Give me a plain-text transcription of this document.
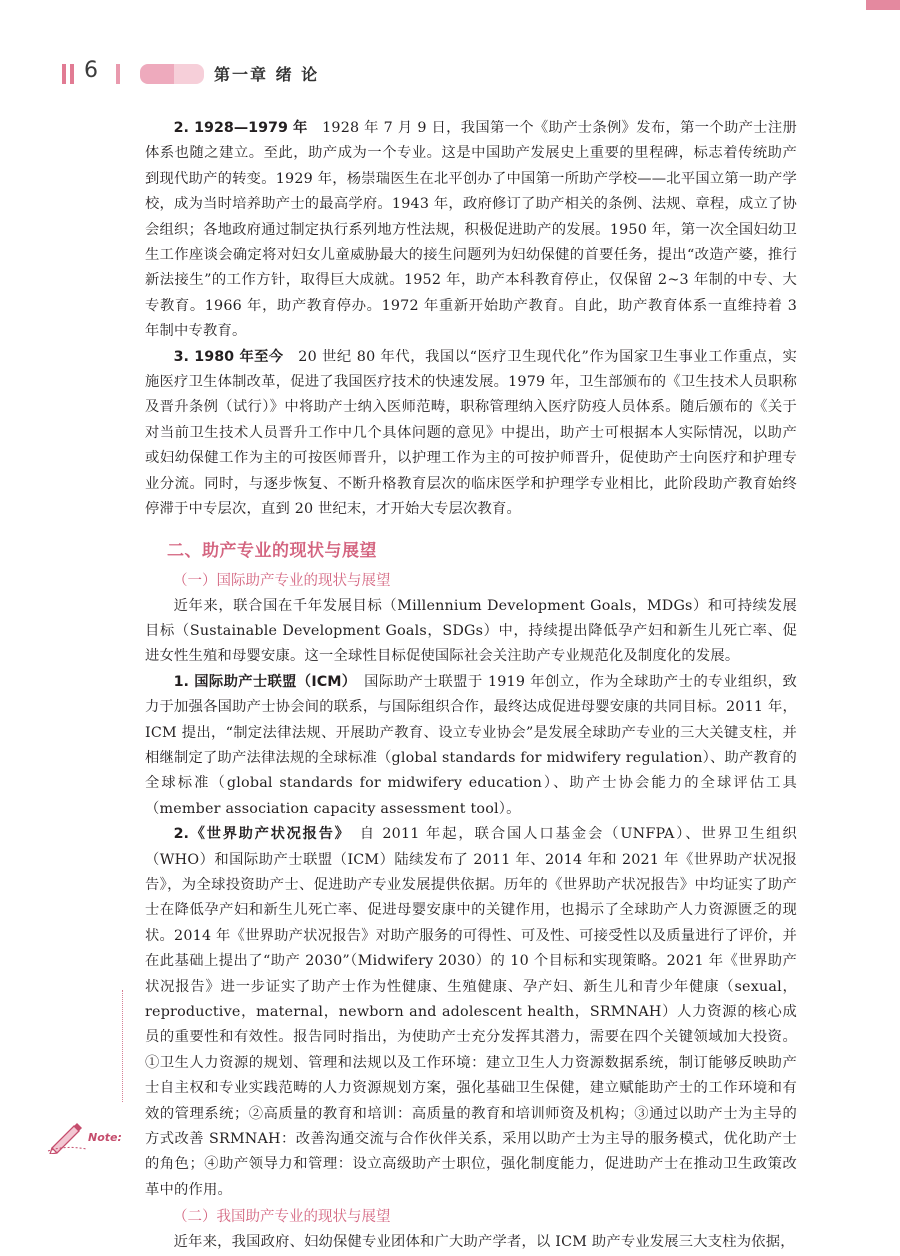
6	第一章 绪 论

2. 1928—1979 年　1928 年 7 月 9 日，我国第一个《助产士条例》发布，第一个助产士注册体系也随之建立。至此，助产成为一个专业。这是中国助产发展史上重要的里程碑，标志着传统助产到现代助产的转变。1929 年，杨崇瑞医生在北平创办了中国第一所助产学校——北平国立第一助产学校，成为当时培养助产士的最高学府。1943 年，政府修订了助产相关的条例、法规、章程，成立了协会组织；各地政府通过制定执行系列地方性法规，积极促进助产的发展。1950 年，第一次全国妇幼卫生工作座谈会确定将对妇女儿童威胁最大的接生问题列为妇幼保健的首要任务，提出“改造产婆，推行新法接生”的工作方针，取得巨大成就。1952 年，助产本科教育停止，仅保留 2~3 年制的中专、大专教育。1966 年，助产教育停办。1972 年重新开始助产教育。自此，助产教育体系一直维持着 3 年制中专教育。

3. 1980 年至今　20 世纪 80 年代，我国以“医疗卫生现代化”作为国家卫生事业工作重点，实施医疗卫生体制改革，促进了我国医疗技术的快速发展。1979 年，卫生部颁布的《卫生技术人员职称及晋升条例（试行）》中将助产士纳入医师范畴，职称管理纳入医疗防疫人员体系。随后颁布的《关于对当前卫生技术人员晋升工作中几个具体问题的意见》中提出，助产士可根据本人实际情况，以助产或妇幼保健工作为主的可按医师晋升，以护理工作为主的可按护师晋升，促使助产士向医疗和护理专业分流。同时，与逐步恢复、不断升格教育层次的临床医学和护理学专业相比，此阶段助产教育始终停滞于中专层次，直到 20 世纪末，才开始大专层次教育。

二、助产专业的现状与展望
（一）国际助产专业的现状与展望

近年来，联合国在千年发展目标（Millennium Development Goals，MDGs）和可持续发展目标（Sustainable Development Goals，SDGs）中，持续提出降低孕产妇和新生儿死亡率、促进女性生殖和母婴安康。这一全球性目标促使国际社会关注助产专业规范化及制度化的发展。

1. 国际助产士联盟（ICM）　国际助产士联盟于 1919 年创立，作为全球助产士的专业组织，致力于加强各国助产士协会间的联系，与国际组织合作，最终达成促进母婴安康的共同目标。2011 年，ICM 提出，“制定法律法规、开展助产教育、设立专业协会”是发展全球助产专业的三大关键支柱，并相继制定了助产法律法规的全球标准（global standards for midwifery regulation）、助产教育的全球标准（global standards for midwifery education）、助产士协会能力的全球评估工具（member association capacity assessment tool）。

2.《世界助产状况报告》　自 2011 年起，联合国人口基金会（UNFPA）、世界卫生组织（WHO）和国际助产士联盟（ICM）陆续发布了 2011 年、2014 年和 2021 年《世界助产状况报告》，为全球投资助产士、促进助产专业发展提供依据。历年的《世界助产状况报告》中均证实了助产士在降低孕产妇和新生儿死亡率、促进母婴安康中的关键作用，也揭示了全球助产人力资源匮乏的现状。2014 年《世界助产状况报告》对助产服务的可得性、可及性、可接受性以及质量进行了评价，并在此基础上提出了“助产 2030”（Midwifery 2030）的 10 个目标和实现策略。2021 年《世界助产状况报告》进一步证实了助产士作为性健康、生殖健康、孕产妇、新生儿和青少年健康（sexual，reproductive，maternal，newborn and adolescent health，SRMNAH）人力资源的核心成员的重要性和有效性。报告同时指出，为使助产士充分发挥其潜力，需要在四个关键领域加大投资。①卫生人力资源的规划、管理和法规以及工作环境：建立卫生人力资源数据系统，制订能够反映助产士自主权和专业实践范畴的人力资源规划方案，强化基础卫生保健，建立赋能助产士的工作环境和有效的管理系统；②高质量的教育和培训：高质量的教育和培训师资及机构；③通过以助产士为主导的方式改善 SRMNAH：改善沟通交流与合作伙伴关系，采用以助产士为主导的服务模式，优化助产士的角色；④助产领导力和管理：设立高级助产士职位，强化制度能力，促进助产士在推动卫生政策改革中的作用。

（二）我国助产专业的现状与展望

近年来，我国政府、妇幼保健专业团体和广大助产学者，以 ICM 助产专业发展三大支柱为依据，

Note:
